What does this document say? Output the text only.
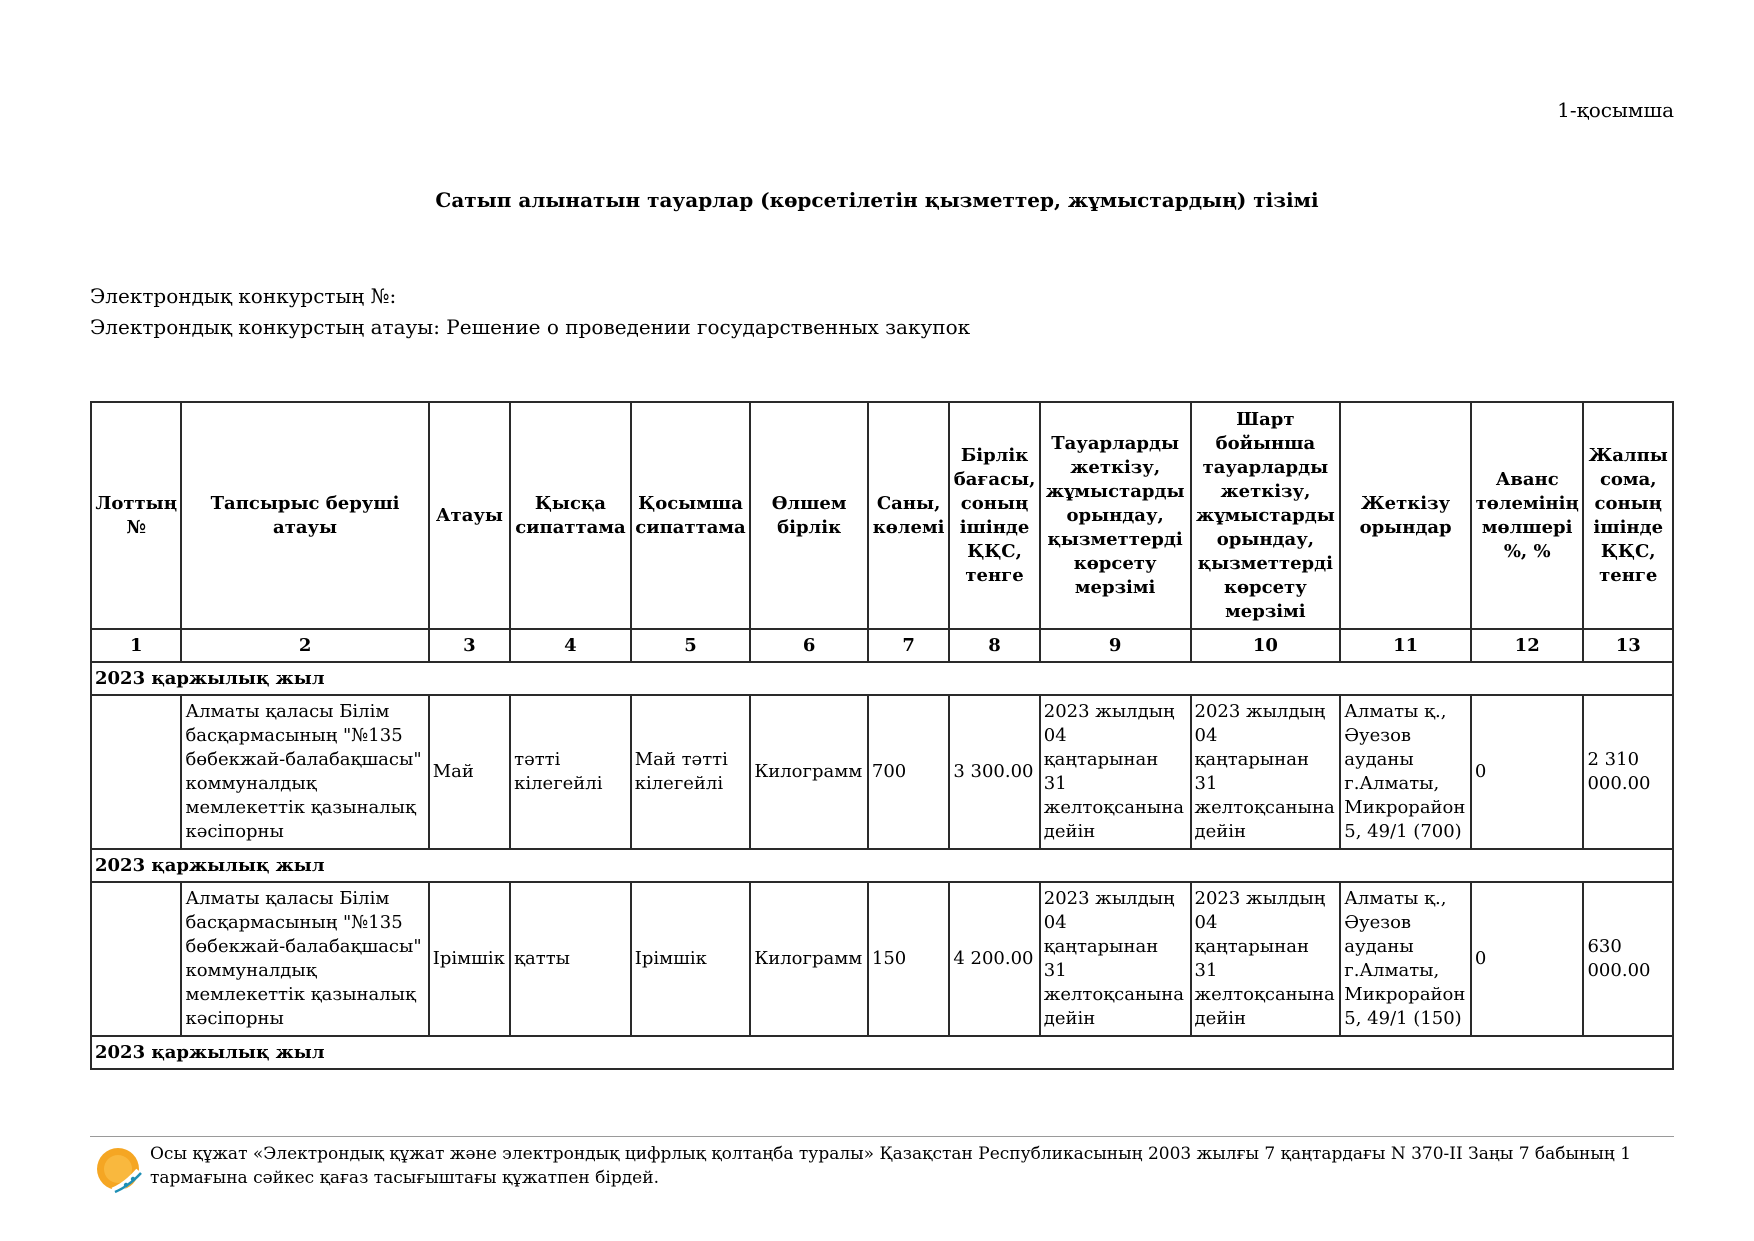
1-қосымша
Сатып алынатын тауарлар (көрсетілетін қызметтер, жұмыстардың) тізімі
Электрондық конкурстың №:
Электрондық конкурстың атауы: Решение о проведении государственных закупок
Лоттың №	Тапсырыс беруші атауы	Атауы	Қысқа сипаттама	Қосымша сипаттама	Өлшем бірлік	Саны, көлемі	Бірлік бағасы, соның ішінде ҚҚС, тенге	Тауарларды жеткізу, жұмыстарды орындау, қызметтерді көрсету мерзімі	Шарт бойынша тауарларды жеткізу, жұмыстарды орындау, қызметтерді көрсету мерзімі	Жеткізу орындар	Аванс төлемінің мөлшері %, %	Жалпы сома, соның ішінде ҚҚС, тенге
1	2	3	4	5	6	7	8	9	10	11	12	13
2023 қаржылық жыл												
	Алматы қаласы Білім басқармасының "№135 бөбекжай-балабақшасы" коммуналдық мемлекеттік қазыналық кәсіпорны	Май	тәтті кілегейлі	Май тәтті кілегейлі	Килограмм	700	3 300.00	2023 жылдың 04 қаңтарынан 31 желтоқсанына дейін	2023 жылдың 04 қаңтарынан 31 желтоқсанына дейін	Алматы қ., Әуезов ауданы г.Алматы, Микрорайон 5, 49/1 (700)	0	2 310 000.00
2023 қаржылық жыл												
	Алматы қаласы Білім басқармасының "№135 бөбекжай-балабақшасы" коммуналдық мемлекеттік қазыналық кәсіпорны	Ірімшік	қатты	Ірімшік	Килограмм	150	4 200.00	2023 жылдың 04 қаңтарынан 31 желтоқсанына дейін	2023 жылдың 04 қаңтарынан 31 желтоқсанына дейін	Алматы қ., Әуезов ауданы г.Алматы, Микрорайон 5, 49/1 (150)	0	630 000.00
2023 қаржылық жыл												
Осы құжат «Электрондық құжат және электрондық цифрлық қолтаңба туралы» Қазақстан Республикасының 2003 жылғы 7 қаңтардағы N 370-II Заңы 7 бабының 1 тармағына сәйкес қағаз тасығыштағы құжатпен бірдей.
